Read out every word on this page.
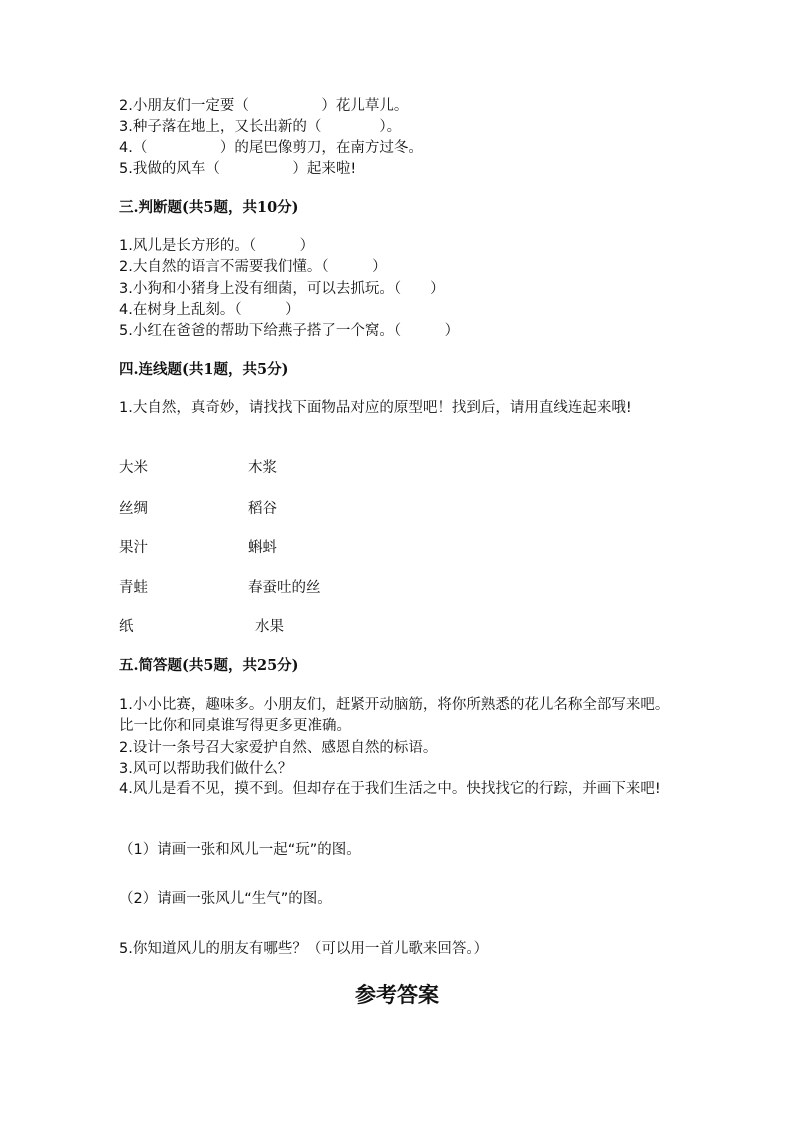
2.小朋友们一定要（　　　　　）花儿草儿。
3.种子落在地上，又长出新的（　　　　）。
4.（　　　　　）的尾巴像剪刀，在南方过冬。
5.我做的风车（　　　　　）起来啦!
三.判断题(共5题，共10分)
1.风儿是长方形的。（　　　）
2.大自然的语言不需要我们懂。（　　　）
3.小狗和小猪身上没有细菌，可以去抓玩。（　　）
4.在树身上乱刻。（　　　）
5.小红在爸爸的帮助下给燕子搭了一个窝。（　　　）
四.连线题(共1题，共5分)
1.大自然，真奇妙，请找找下面物品对应的原型吧！找到后，请用直线连起来哦!
大米	木浆
丝绸	稻谷
果汁	蝌蚪
青蛙	春蚕吐的丝
纸	水果
五.简答题(共5题，共25分)
1.小小比赛，趣味多。小朋友们，赶紧开动脑筋，将你所熟悉的花儿名称全部写来吧。比一比你和同桌谁写得更多更准确。
2.设计一条号召大家爱护自然、感恩自然的标语。
3.风可以帮助我们做什么？
4.风儿是看不见，摸不到。但却存在于我们生活之中。快找找它的行踪，并画下来吧!
（1）请画一张和风儿一起“玩”的图。
（2）请画一张风儿“生气”的图。
5.你知道风儿的朋友有哪些？（可以用一首儿歌来回答。）
参考答案
